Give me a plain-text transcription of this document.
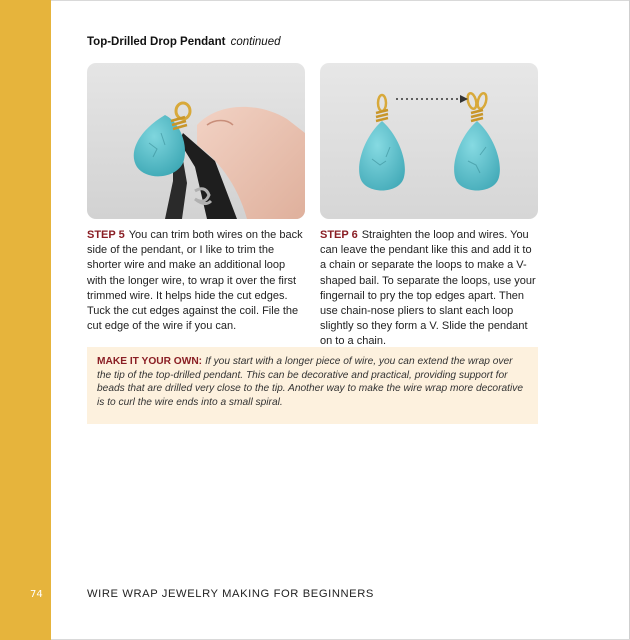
74
Top-Drilled Drop Pendant continued
STEP 5 You can trim both wires on the back side of the pendant, or I like to trim the shorter wire and make an additional loop with the longer wire, to wrap it over the first trimmed wire. It helps hide the cut edges. Tuck the cut edges against the coil. File the cut edge of the wire if you can.
STEP 6 Straighten the loop and wires. You can leave the pendant like this and add it to a chain or separate the loops to make a V-shaped bail. To separate the loops, use your fingernail to pry the top edges apart. Then use chain-nose pliers to slant each loop slightly so they form a V. Slide the pendant on to a chain.
MAKE IT YOUR OWN: If you start with a longer piece of wire, you can extend the wrap over the tip of the top-drilled pendant. This can be decorative and practical, providing support for beads that are drilled very close to the tip. Another way to make the wire wrap more decorative is to curl the wire ends into a small spiral.
WIRE WRAP JEWELRY MAKING FOR BEGINNERS
